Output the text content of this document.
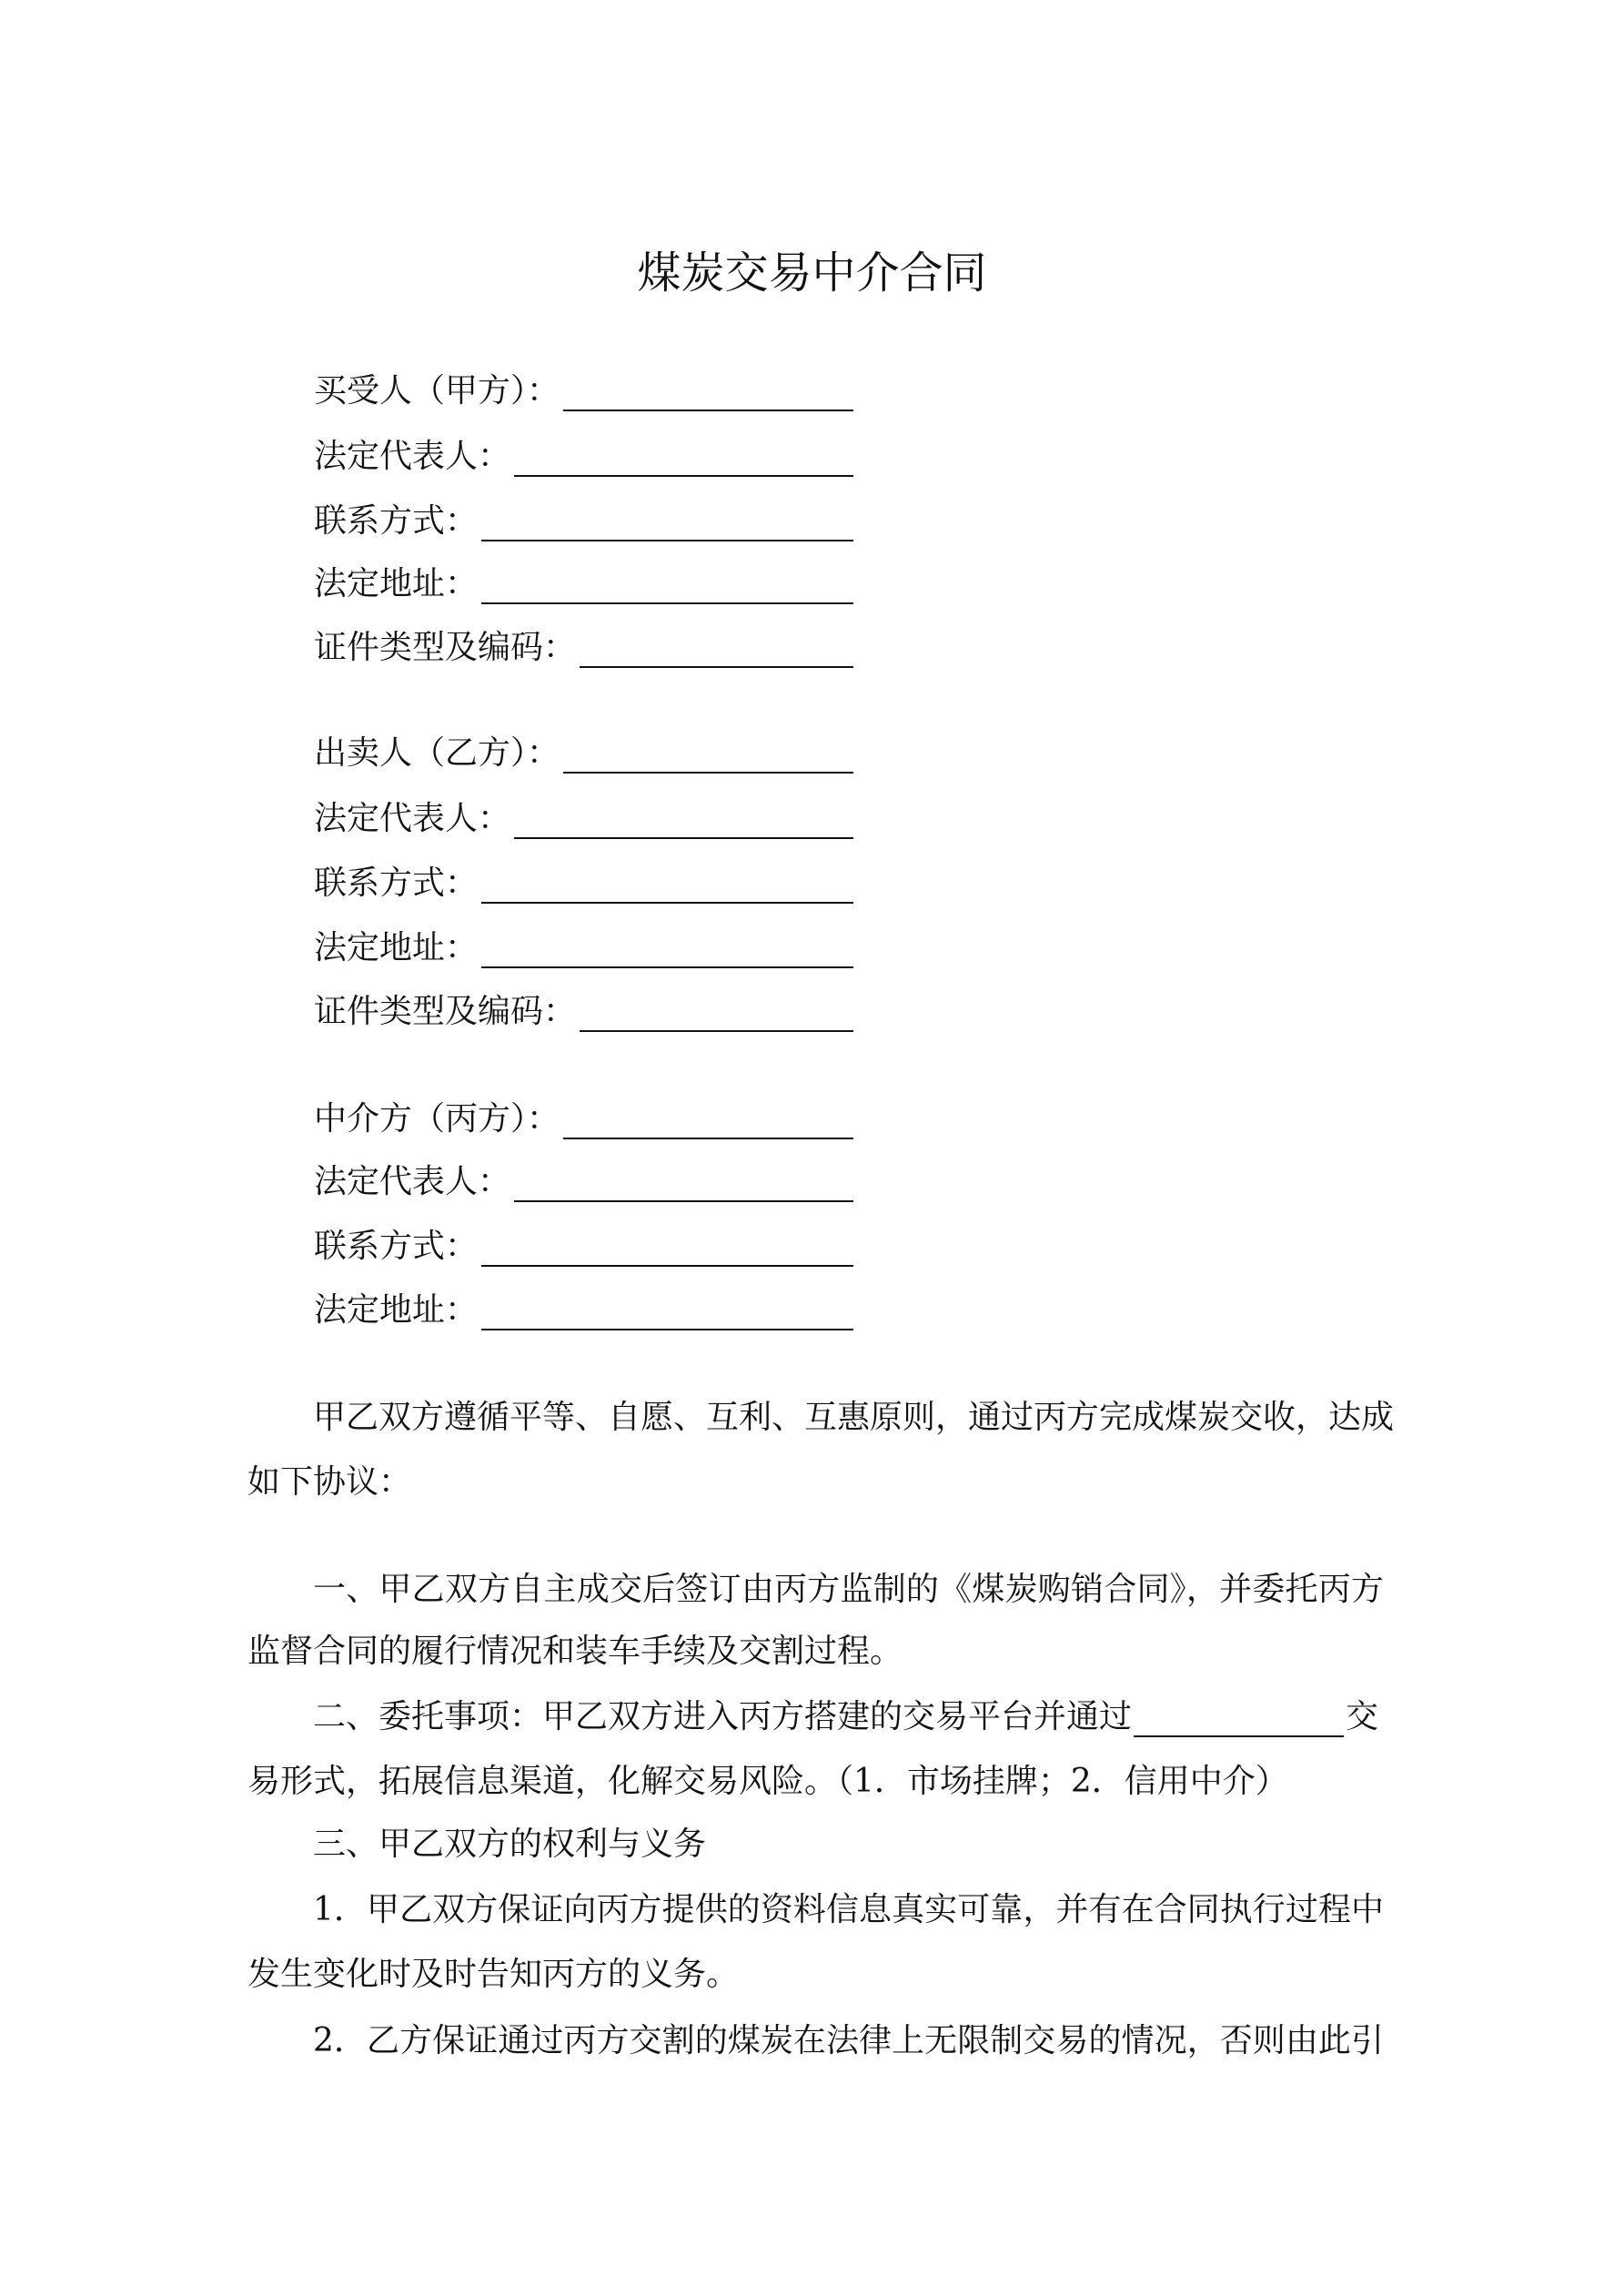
煤炭交易中介合同
买受人（甲方）：
法定代表人：
联系方式：
法定地址：
证件类型及编码：
出卖人（乙方）：
法定代表人：
联系方式：
法定地址：
证件类型及编码：
中介方（丙方）：
法定代表人：
联系方式：
法定地址：
甲乙双方遵循平等、自愿、互利、互惠原则，通过丙方完成煤炭交收，达成
如下协议：
一、甲乙双方自主成交后签订由丙方监制的《煤炭购销合同》，并委托丙方
监督合同的履行情况和装车手续及交割过程。
二、委托事项：甲乙双方进入丙方搭建的交易平台并通过	交
易形式，拓展信息渠道，化解交易风险。（1．市场挂牌；2．信用中介）
三、甲乙双方的权利与义务
1．甲乙双方保证向丙方提供的资料信息真实可靠，并有在合同执行过程中
发生变化时及时告知丙方的义务。
2．乙方保证通过丙方交割的煤炭在法律上无限制交易的情况，否则由此引
